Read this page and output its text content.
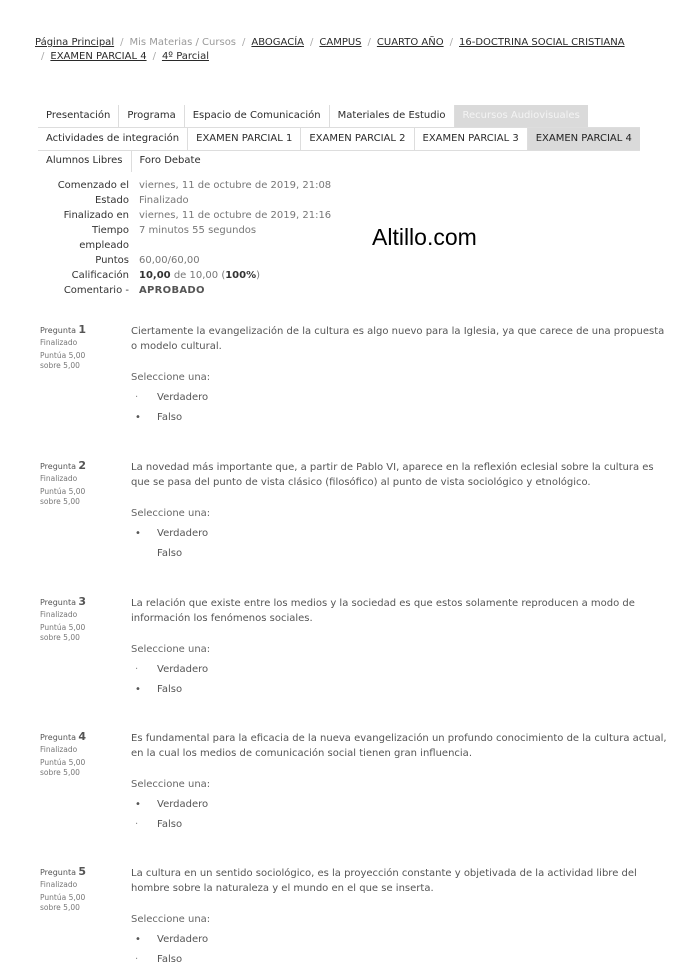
Página Principal / Mis Materias / Cursos / ABOGACÍA / CAMPUS / CUARTO AÑO / 16-DOCTRINA SOCIAL CRISTIANA
/ EXAMEN PARCIAL 4 / 4º Parcial
Presentación	Programa	Espacio de Comunicación	Materiales de Estudio	Recursos Audiovisuales
Actividades de integración	EXAMEN PARCIAL 1	EXAMEN PARCIAL 2	EXAMEN PARCIAL 3	EXAMEN PARCIAL 4
Alumnos Libres	Foro Debate
Comenzado el viernes, 11 de octubre de 2019, 21:08
Estado Finalizado
Finalizado en viernes, 11 de octubre de 2019, 21:16
Tiempo
empleado
7 minutos 55 segundos
Puntos 60,00/60,00
Calificación 10,00 de 10,00 (100%)
Comentario - APROBADO
Altillo.com
Pregunta 1
Finalizado
Puntúa 5,00
sobre 5,00
Ciertamente la evangelización de la cultura es algo nuevo para la Iglesia, ya que carece de una propuesta o modelo cultural.
Seleccione una:
·	Verdadero
•	Falso
Pregunta 2
Finalizado
Puntúa 5,00
sobre 5,00
La novedad más importante que, a partir de Pablo VI, aparece en la reflexión eclesial sobre la cultura es que se pasa del punto de vista clásico (filosófico) al punto de vista sociológico y etnológico.
Seleccione una:
•	Verdadero
Falso
Pregunta 3
Finalizado
Puntúa 5,00
sobre 5,00
La relación que existe entre los medios y la sociedad es que estos solamente reproducen a modo de información los fenómenos sociales.
Seleccione una:
·	Verdadero
•	Falso
Pregunta 4
Finalizado
Puntúa 5,00
sobre 5,00
Es fundamental para la eficacia de la nueva evangelización un profundo conocimiento de la cultura actual, en la cual los medios de comunicación social tienen gran influencia.
Seleccione una:
•	Verdadero
·	Falso
Pregunta 5
Finalizado
Puntúa 5,00
sobre 5,00
La cultura en un sentido sociológico, es la proyección constante y objetivada de la actividad libre del hombre sobre la naturaleza y el mundo en el que se inserta.
Seleccione una:
•	Verdadero
·	Falso
